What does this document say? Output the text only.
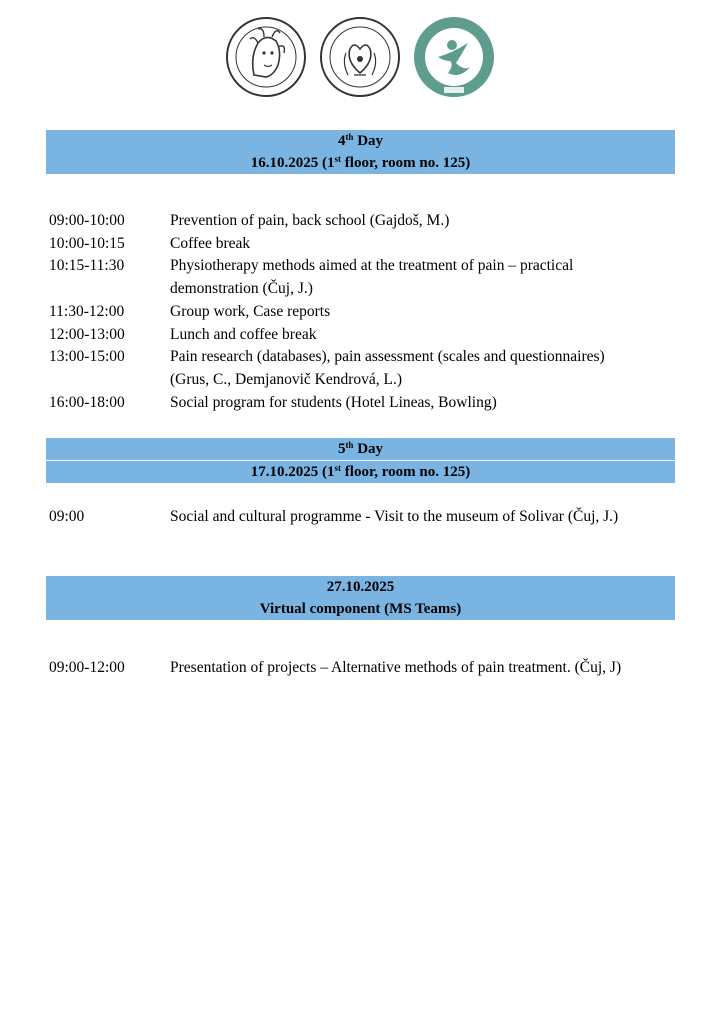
4th Day
16.10.2025 (1st floor, room no. 125)
09:00-10:00	Prevention of pain, back school (Gajdoš, M.)
10:00-10:15	Coffee break
10:15-11:30	Physiotherapy methods aimed at the treatment of pain – practical
demonstration (Čuj, J.)
11:30-12:00	Group work, Case reports
12:00-13:00	Lunch and coffee break
13:00-15:00	Pain research (databases), pain assessment (scales and questionnaires)
(Grus, C., Demjanovič Kendrová, L.)
16:00-18:00	Social program for students (Hotel Lineas, Bowling)
5th Day
17.10.2025 (1st floor, room no. 125)
09:00	Social and cultural programme - Visit to the museum of Solivar (Čuj, J.)
27.10.2025
Virtual component (MS Teams)
09:00-12:00	Presentation of projects – Alternative methods of pain treatment. (Čuj, J)
